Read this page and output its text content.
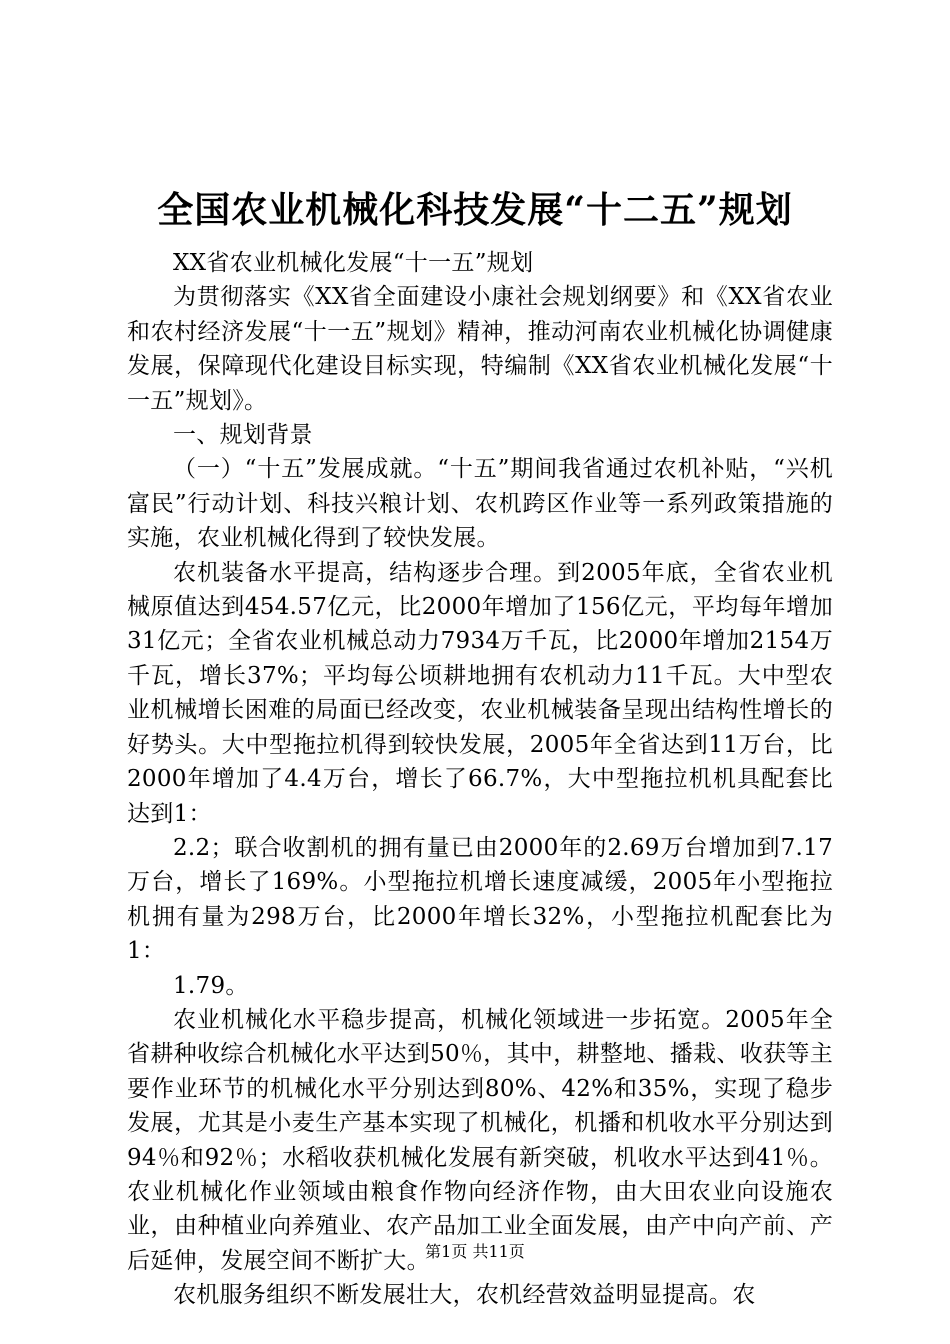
全国农业机械化科技发展“十二五”规划

XX省农业机械化发展“十一五”规划

为贯彻落实《XX省全面建设小康社会规划纲要》和《XX省农业和农村经济发展“十一五”规划》精神，推动河南农业机械化协调健康发展，保障现代化建设目标实现，特编制《XX省农业机械化发展“十一五”规划》。

一、规划背景

（一）“十五”发展成就。“十五”期间我省通过农机补贴，“兴机富民”行动计划、科技兴粮计划、农机跨区作业等一系列政策措施的实施，农业机械化得到了较快发展。

农机装备水平提高，结构逐步合理。到2005年底，全省农业机械原值达到454.57亿元，比2000年增加了156亿元，平均每年增加31亿元；全省农业机械总动力7934万千瓦，比2000年增加2154万千瓦，增长37%；平均每公顷耕地拥有农机动力11千瓦。大中型农业机械增长困难的局面已经改变，农业机械装备呈现出结构性增长的好势头。大中型拖拉机得到较快发展，2005年全省达到11万台，比2000年增加了4.4万台，增长了66.7%，大中型拖拉机机具配套比达到1：

2.2；联合收割机的拥有量已由2000年的2.69万台增加到7.17万台，增长了169%。小型拖拉机增长速度减缓，2005年小型拖拉机拥有量为298万台，比2000年增长32%，小型拖拉机配套比为1：

1.79。

农业机械化水平稳步提高，机械化领域进一步拓宽。2005年全省耕种收综合机械化水平达到50％，其中，耕整地、播栽、收获等主要作业环节的机械化水平分别达到80%、42%和35%，实现了稳步发展，尤其是小麦生产基本实现了机械化，机播和机收水平分别达到94％和92％；水稻收获机械化发展有新突破，机收水平达到41％。农业机械化作业领域由粮食作物向经济作物，由大田农业向设施农业，由种植业向养殖业、农产品加工业全面发展，由产中向产前、产后延伸，发展空间不断扩大。

农机服务组织不断发展壮大，农机经营效益明显提高。农

第1页 共11页
